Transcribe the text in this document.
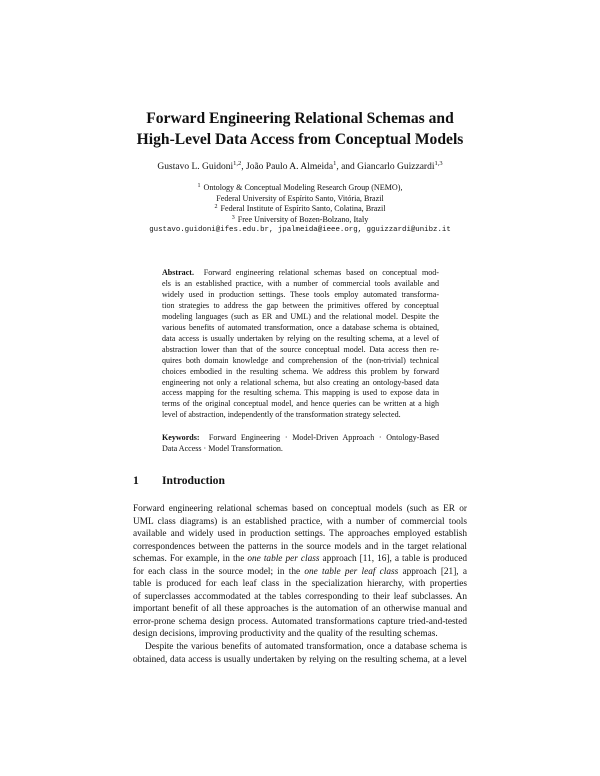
Forward Engineering Relational Schemas and
High-Level Data Access from Conceptual Models
Gustavo L. Guidoni$^{1,2}$, João Paulo A. Almeida$^1$, and Giancarlo Guizzardi$^{1,3}$
$^1$ Ontology & Conceptual Modeling Research Group (NEMO),
Federal University of Espírito Santo, Vitória, Brazil
$^2$ Federal Institute of Espírito Santo, Colatina, Brazil
$^3$ Free University of Bozen-Bolzano, Italy
gustavo.guidoni@ifes.edu.br, jpalmeida@ieee.org, gguizzardi@unibz.it
Abstract. Forward engineering relational schemas based on conceptual mod-
els is an established practice, with a number of commercial tools available and
widely used in production settings. These tools employ automated transforma-
tion strategies to address the gap between the primitives offered by conceptual
modeling languages (such as ER and UML) and the relational model. Despite the
various benefits of automated transformation, once a database schema is obtained,
data access is usually undertaken by relying on the resulting schema, at a level of
abstraction lower than that of the source conceptual model. Data access then re-
quires both domain knowledge and comprehension of the (non-trivial) technical
choices embodied in the resulting schema. We address this problem by forward
engineering not only a relational schema, but also creating an ontology-based data
access mapping for the resulting schema. This mapping is used to expose data in
terms of the original conceptual model, and hence queries can be written at a high
level of abstraction, independently of the transformation strategy selected.
Keywords: Forward Engineering · Model-Driven Approach · Ontology-Based
Data Access · Model Transformation.
1 Introduction
Forward engineering relational schemas based on conceptual models (such as ER or
UML class diagrams) is an established practice, with a number of commercial tools
available and widely used in production settings. The approaches employed establish
correspondences between the patterns in the source models and in the target relational
schemas. For example, in the one table per class approach [11, 16], a table is produced
for each class in the source model; in the one table per leaf class approach [21], a
table is produced for each leaf class in the specialization hierarchy, with properties
of superclasses accommodated at the tables corresponding to their leaf subclasses. An
important benefit of all these approaches is the automation of an otherwise manual and
error-prone schema design process. Automated transformations capture tried-and-tested
design decisions, improving productivity and the quality of the resulting schemas.
Despite the various benefits of automated transformation, once a database schema is
obtained, data access is usually undertaken by relying on the resulting schema, at a level
